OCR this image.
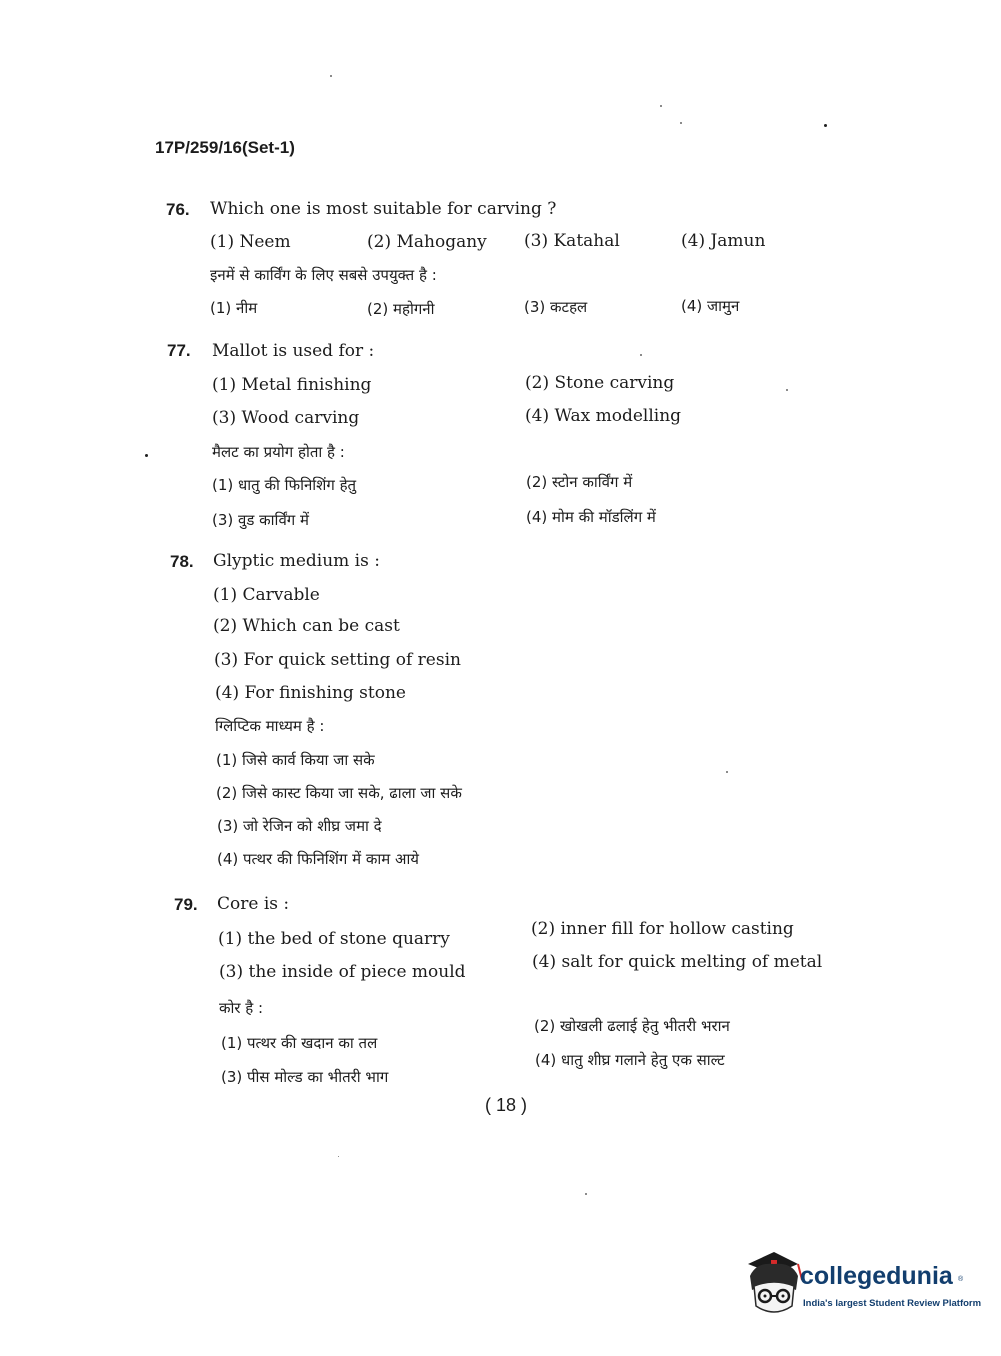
17P/259/16(Set-1)
76. Which one is most suitable for carving ?
(1) Neem	(2) Mahogany (3) Katahal	(4) Jamun
इनमें से कार्विंग के लिए सबसे उपयुक्त है :
(1) नीम	(2) महोगनी	(3) कटहल	(4) जामुन
77. Mallot is used for :
(1) Metal finishing	(2) Stone carving
(3) Wood carving	(4) Wax modelling
मैलट का प्रयोग होता है :
(1) धातु की फिनिशिंग हेतु	(2) स्टोन कार्विंग में
(3) वुड कार्विंग में	(4) मोम की मॉडलिंग में
78. Glyptic medium is :
(1) Carvable
(2) Which can be cast
(3) For quick setting of resin
(4) For finishing stone
ग्लिप्टिक माध्यम है :
(1) जिसे कार्व किया जा सके
(2) जिसे कास्ट किया जा सके, ढाला जा सके
(3) जो रेजिन को शीघ्र जमा दे
(4) पत्थर की फिनिशिंग में काम आये
79. Core is :
(1) the bed of stone quarry	(2) inner fill for hollow casting
(3) the inside of piece mould	(4) salt for quick melting of metal
कोर है :
(1) पत्थर की खदान का तल
(2) खोखली ढलाई हेतु भीतरी भरान
(3) पीस मोल्ड का भीतरी भाग
(4) धातु शीघ्र गलाने हेतु एक साल्ट
( 18 )
collegedunia ®
India's largest Student Review Platform
